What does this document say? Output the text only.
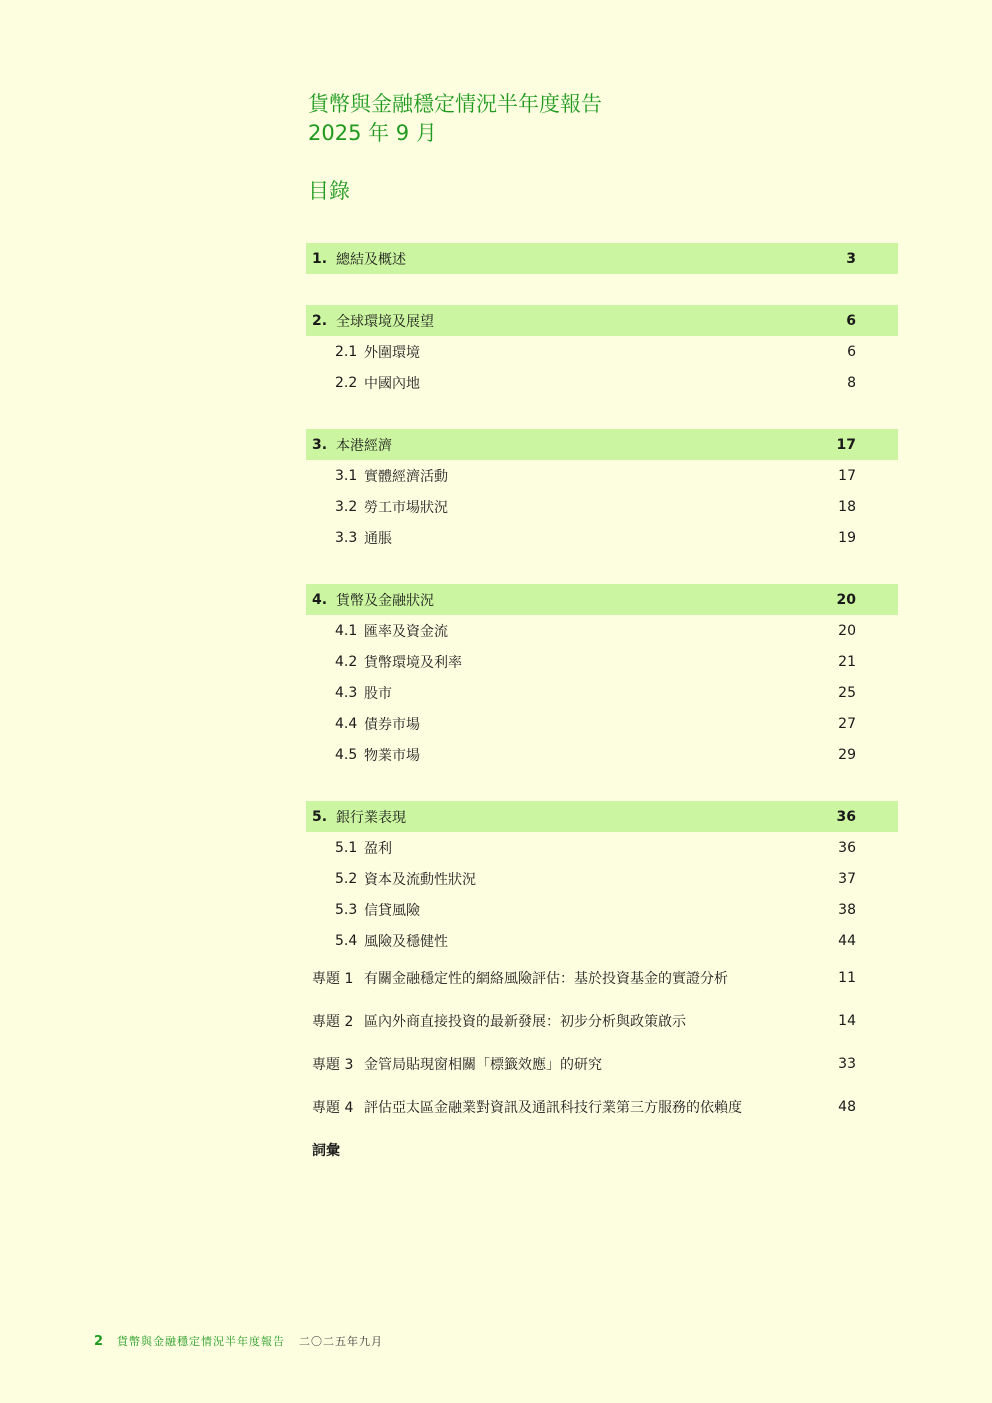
貨幣與金融穩定情況半年度報告
2025 年 9 月
目錄
1. 總結及概述	3
2. 全球環境及展望	6
2.1 外圍環境	6
2.2 中國內地	8
3. 本港經濟	17
3.1 實體經濟活動	17
3.2 勞工市場狀況	18
3.3 通脹	19
4. 貨幣及金融狀況	20
4.1 匯率及資金流	20
4.2 貨幣環境及利率	21
4.3 股市	25
4.4 債券市場	27
4.5 物業市場	29
5. 銀行業表現	36
5.1 盈利	36
5.2 資本及流動性狀況	37
5.3 信貸風險	38
5.4 風險及穩健性	44
專題 1 有關金融穩定性的網絡風險評估：基於投資基金的實證分析	11
專題 2 區內外商直接投資的最新發展：初步分析與政策啟示	14
專題 3 金管局貼現窗相關「標籤效應」的研究	33
專題 4 評估亞太區金融業對資訊及通訊科技行業第三方服務的依賴度	48
詞彙
2 貨幣與金融穩定情況半年度報告 二〇二五年九月
